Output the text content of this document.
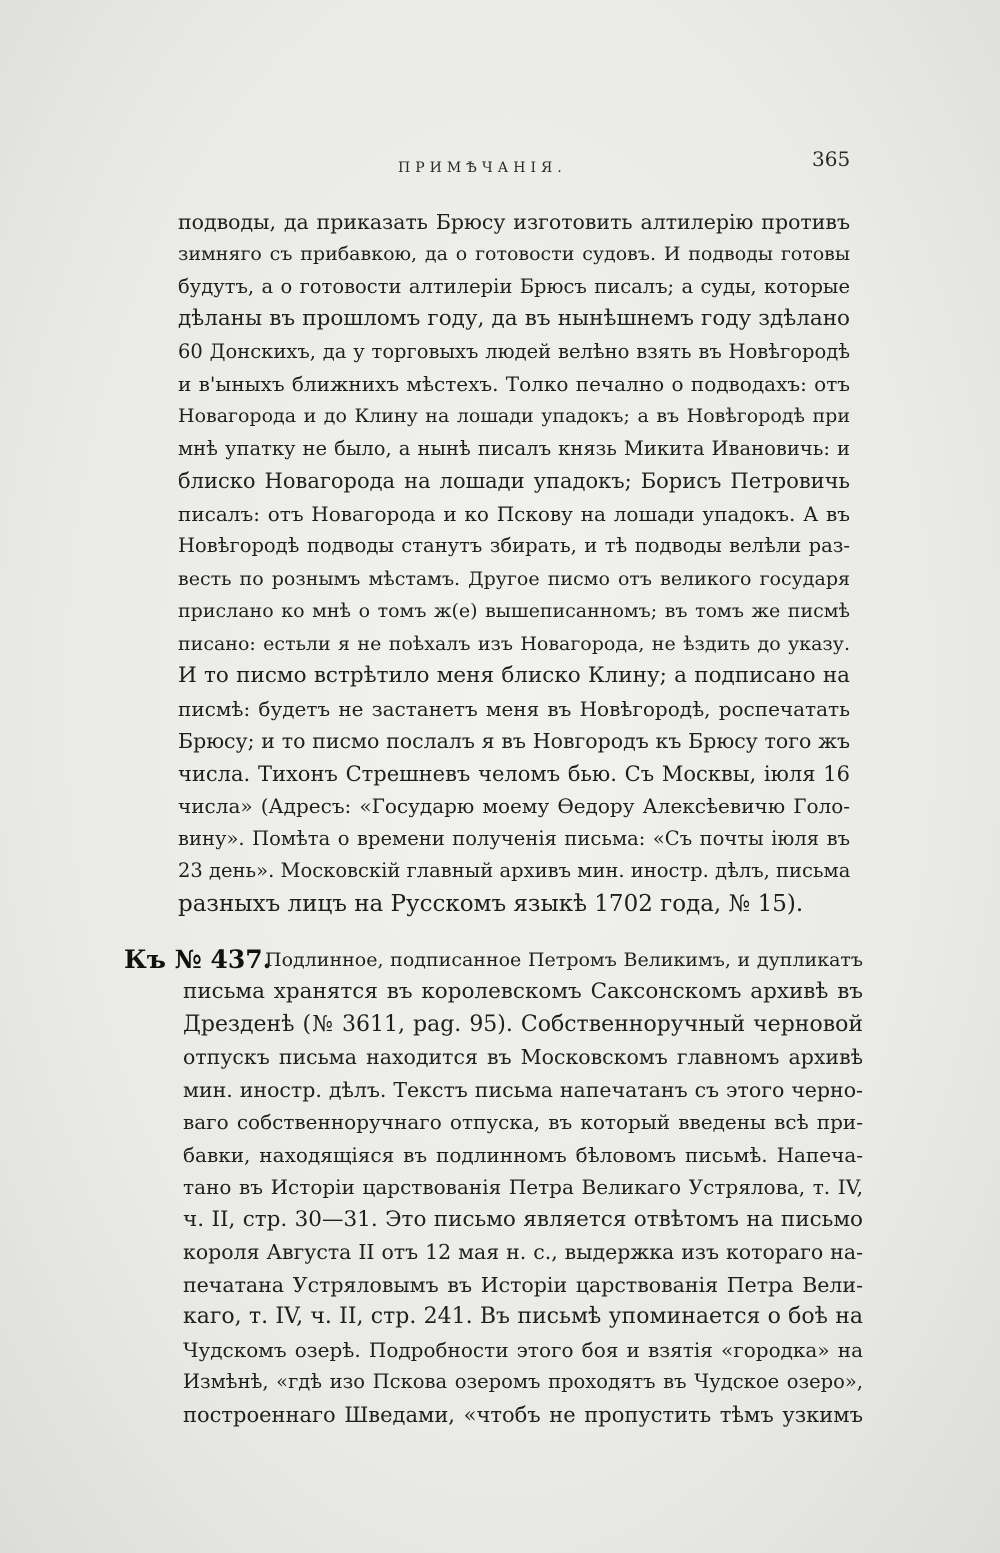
ПРИМѢЧАНІЯ.	365
подводы, да приказать Брюсу изготовить алтилерію противъ
зимняго съ прибавкою, да о готовости судовъ. И подводы готовы
будутъ, а о готовости алтилеріи Брюсъ писалъ; а суды, которые
дѣланы въ прошломъ году, да въ нынѣшнемъ году здѣлано
60 Донскихъ, да у торговыхъ людей велѣно взять въ Новѣгородѣ
и в'ыныхъ ближнихъ мѣстехъ. Толко печално о подводахъ: отъ
Новагорода и до Клину на лошади упадокъ; а въ Новѣгородѣ при
мнѣ упатку не было, а нынѣ писалъ князь Микита Ивановичь: и
блиско Новагорода на лошади упадокъ; Борисъ Петровичь
писалъ: отъ Новагорода и ко Пскову на лошади упадокъ. А въ
Новѣгородѣ подводы станутъ збирать, и тѣ подводы велѣли раз-
весть по рознымъ мѣстамъ. Другое писмо отъ великого государя
прислано ко мнѣ о томъ ж(е) вышеписанномъ; въ томъ же писмѣ
писано: естьли я не поѣхалъ изъ Новагорода, не ѣздить до указу.
И то писмо встрѣтило меня блиско Клину; а подписано на
писмѣ: будетъ не застанетъ меня въ Новѣгородѣ, роспечатать
Брюсу; и то писмо послалъ я въ Новгородъ къ Брюсу того жъ
числа. Тихонъ Стрешневъ челомъ бью. Съ Москвы, іюля 16
числа» (Адресъ: «Государю моему Ѳедору Алексѣевичю Голо-
вину». Помѣта о времени полученія письма: «Съ почты іюля въ
23 день». Московскій главный архивъ мин. иностр. дѣлъ, письма
разныхъ лицъ на Русскомъ языкѣ 1702 года, № 15).
Къ № 437.
Подлинное, подписанное Петромъ Великимъ, и дупликатъ
письма хранятся въ королевскомъ Саксонскомъ архивѣ въ
Дрезденѣ (№ 3611, pag. 95). Собственноручный черновой
отпускъ письма находится въ Московскомъ главномъ архивѣ
мин. иностр. дѣлъ. Текстъ письма напечатанъ съ этого черно-
ваго собственноручнаго отпуска, въ который введены всѣ при-
бавки, находящіяся въ подлинномъ бѣловомъ письмѣ. Напеча-
тано въ Исторіи царствованія Петра Великаго Устрялова, т. IV,
ч. II, стр. 30—31. Это письмо является отвѣтомъ на письмо
короля Августа II отъ 12 мая н. с., выдержка изъ котораго на-
печатана Устряловымъ въ Исторіи царствованія Петра Вели-
каго, т. IV, ч. II, стр. 241. Въ письмѣ упоминается о боѣ на
Чудскомъ озерѣ. Подробности этого боя и взятія «городка» на
Измѣнѣ, «гдѣ изо Пскова озеромъ проходятъ въ Чудское озеро»,
построеннаго Шведами, «чтобъ не пропустить тѣмъ узкимъ
